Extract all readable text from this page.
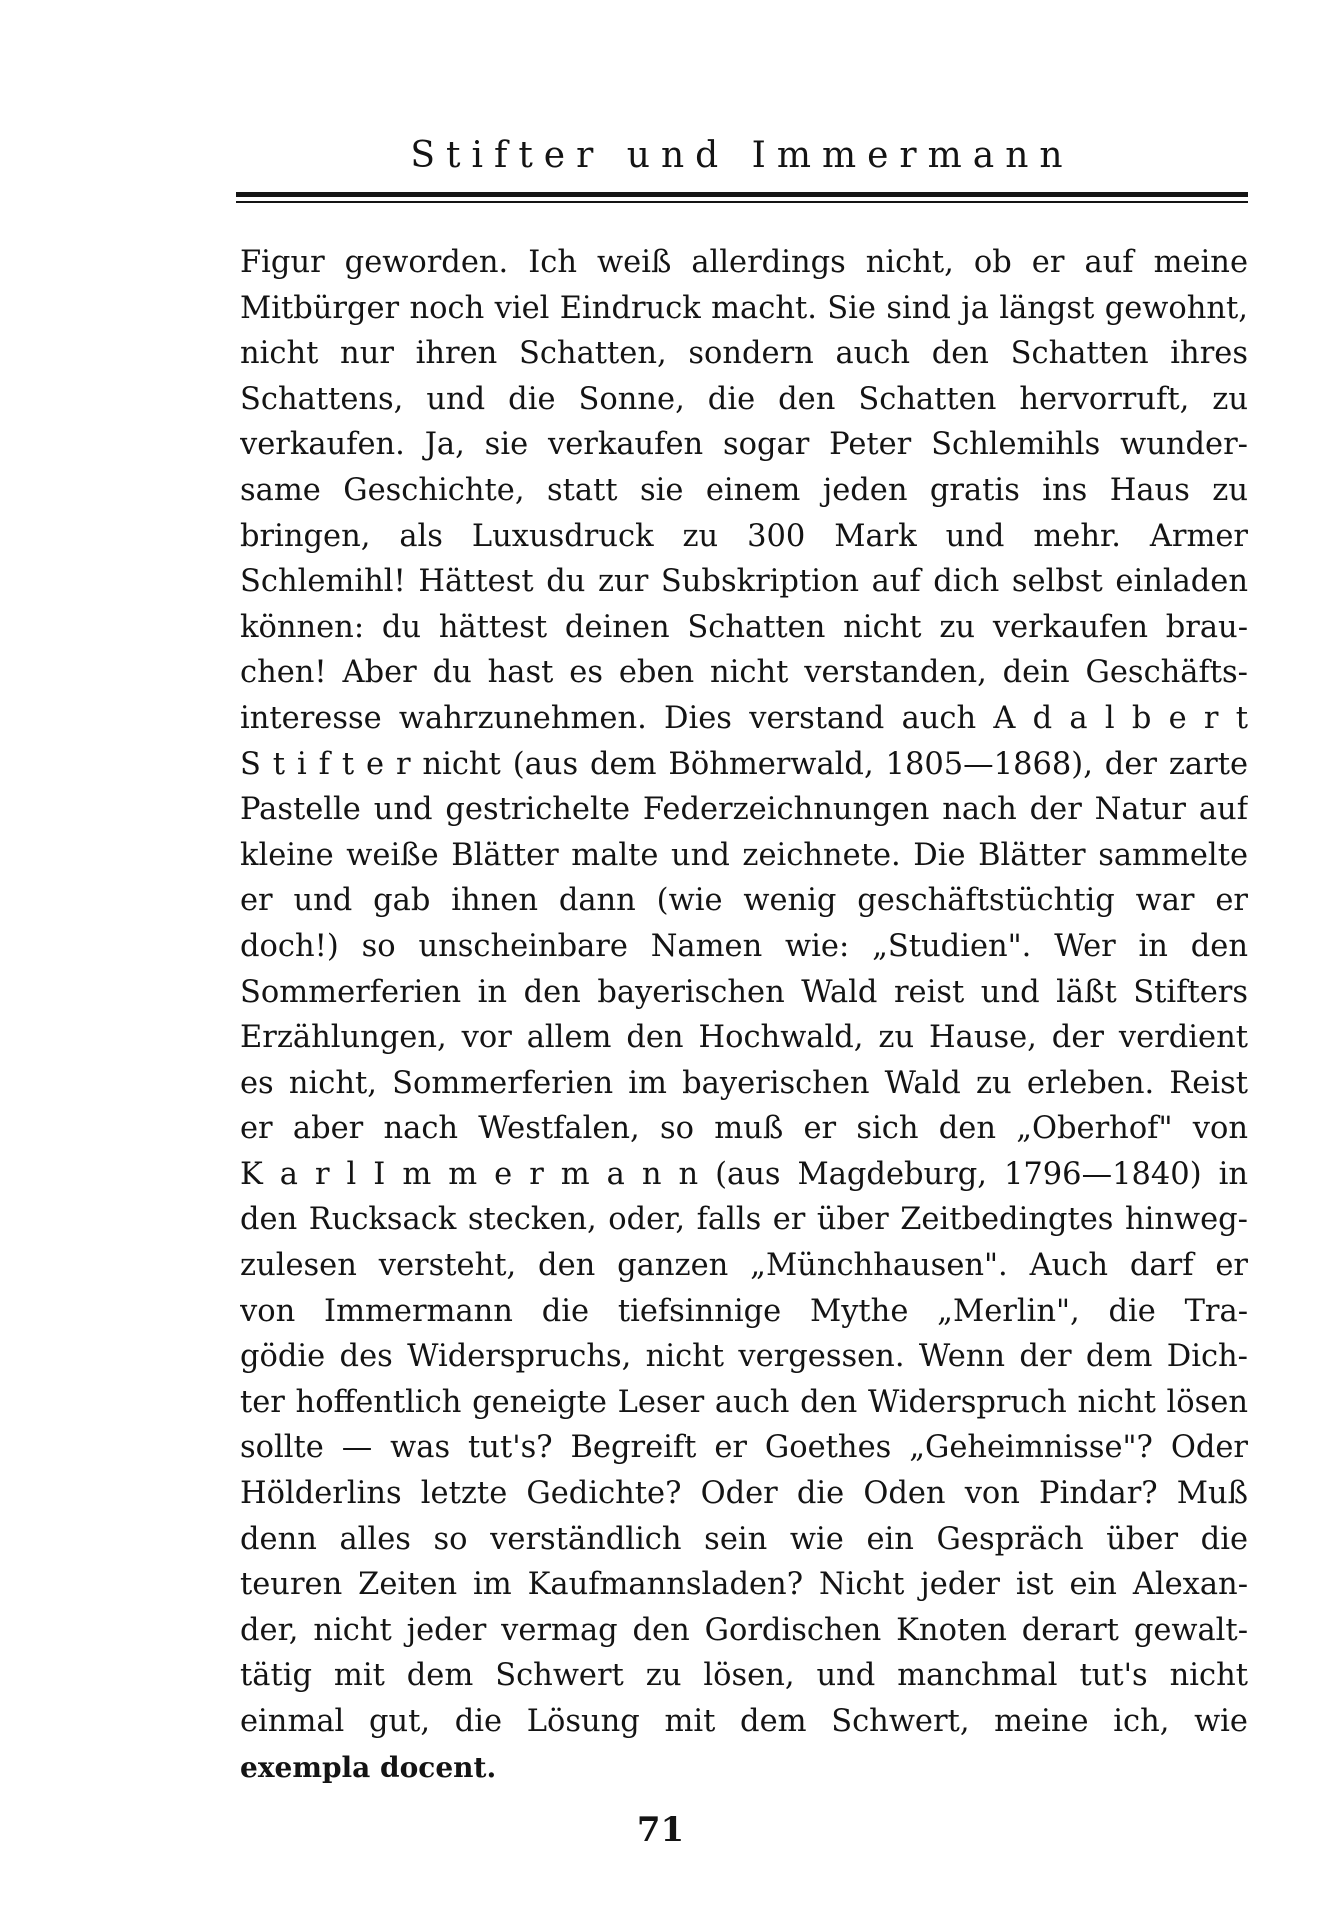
Stifter und Immermann
Figur geworden. Ich weiß allerdings nicht, ob er auf meine
Mitbürger noch viel Eindruck macht. Sie sind ja längst gewohnt,
nicht nur ihren Schatten, sondern auch den Schatten ihres
Schattens, und die Sonne, die den Schatten hervorruft, zu
verkaufen. Ja, sie verkaufen sogar Peter Schlemihls wunder-
same Geschichte, statt sie einem jeden gratis ins Haus zu
bringen, als Luxusdruck zu 300 Mark und mehr. Armer
Schlemihl! Hättest du zur Subskription auf dich selbst einladen
können: du hättest deinen Schatten nicht zu verkaufen brau-
chen! Aber du hast es eben nicht verstanden, dein Geschäfts-
interesse wahrzunehmen. Dies verstand auch A d a l b e r t
S t i f t e r nicht (aus dem Böhmerwald, 1805—1868), der zarte
Pastelle und gestrichelte Federzeichnungen nach der Natur auf
kleine weiße Blätter malte und zeichnete. Die Blätter sammelte
er und gab ihnen dann (wie wenig geschäftstüchtig war er
doch!) so unscheinbare Namen wie: „Studien". Wer in den
Sommerferien in den bayerischen Wald reist und läßt Stifters
Erzählungen, vor allem den Hochwald, zu Hause, der verdient
es nicht, Sommerferien im bayerischen Wald zu erleben. Reist
er aber nach Westfalen, so muß er sich den „Oberhof" von
K a r l I m m e r m a n n (aus Magdeburg, 1796—1840) in
den Rucksack stecken, oder, falls er über Zeitbedingtes hinweg-
zulesen versteht, den ganzen „Münchhausen". Auch darf er
von Immermann die tiefsinnige Mythe „Merlin", die Tra-
gödie des Widerspruchs, nicht vergessen. Wenn der dem Dich-
ter hoffentlich geneigte Leser auch den Widerspruch nicht lösen
sollte — was tut's? Begreift er Goethes „Geheimnisse"? Oder
Hölderlins letzte Gedichte? Oder die Oden von Pindar? Muß
denn alles so verständlich sein wie ein Gespräch über die
teuren Zeiten im Kaufmannsladen? Nicht jeder ist ein Alexan-
der, nicht jeder vermag den Gordischen Knoten derart gewalt-
tätig mit dem Schwert zu lösen, und manchmal tut's nicht
einmal gut, die Lösung mit dem Schwert, meine ich, wie
exempla docent.
71
